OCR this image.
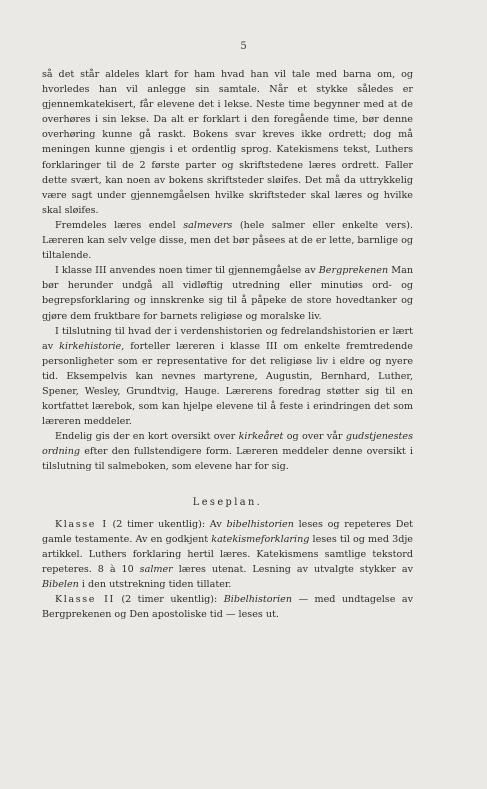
5

så det står aldeles klart for ham hvad han vil tale med barna om, og hvorledes han vil anlegge sin samtale. Når et stykke således er gjennemkatekisert, får elevene det i lekse. Neste time begynner med at de overhøres i sin lekse. Da alt er forklart i den foregående time, bør denne overhøring kunne gå raskt. Bokens svar kreves ikke ordrett; dog må meningen kunne gjengis i et ordentlig sprog. Katekismens tekst, Luthers forklaringer til de 2 første parter og skriftstedene læres ordrett. Faller dette svært, kan noen av bokens skriftsteder sløifes. Det må da uttrykkelig være sagt under gjennemgåelsen hvilke skriftsteder skal læres og hvilke skal sløifes.

Fremdeles læres endel salmevers (hele salmer eller enkelte vers). Læreren kan selv velge disse, men det bør påsees at de er lette, barnlige og tiltalende.

I klasse III anvendes noen timer til gjennemgåelse av Bergprekenen Man bør herunder undgå all vidløftig utredning eller minutiøs ord- og begrepsforklaring og innskrenke sig til å påpeke de store hovedtanker og gjøre dem fruktbare for barnets religiøse og moralske liv.

I tilslutning til hvad der i verdenshistorien og fedrelandshistorien er lært av kirkehistorie, forteller læreren i klasse III om enkelte fremtredende personligheter som er representative for det religiøse liv i eldre og nyere tid. Eksempelvis kan nevnes martyrene, Augustin, Bernhard, Luther, Spener, Wesley, Grundtvig, Hauge. Lærerens foredrag støtter sig til en kortfattet lærebok, som kan hjelpe elevene til å feste i erindringen det som læreren meddeler.

Endelig gis der en kort oversikt over kirkeåret og over vår gudstjenestes ordning efter den fullstendigere form. Læreren meddeler denne oversikt i tilslutning til salmeboken, som elevene har for sig.

Leseplan.

Klasse I (2 timer ukentlig): Av bibelhistorien leses og repeteres Det gamle testamente. Av en godkjent katekismeforklaring leses til og med 3dje artikkel. Luthers forklaring hertil læres. Katekismens samtlige tekstord repeteres. 8 à 10 salmer læres utenat. Lesning av utvalgte stykker av Bibelen i den utstrekning tiden tillater.

Klasse II (2 timer ukentlig): Bibelhistorien — med undtagelse av Bergprekenen og Den apostoliske tid — leses ut.
